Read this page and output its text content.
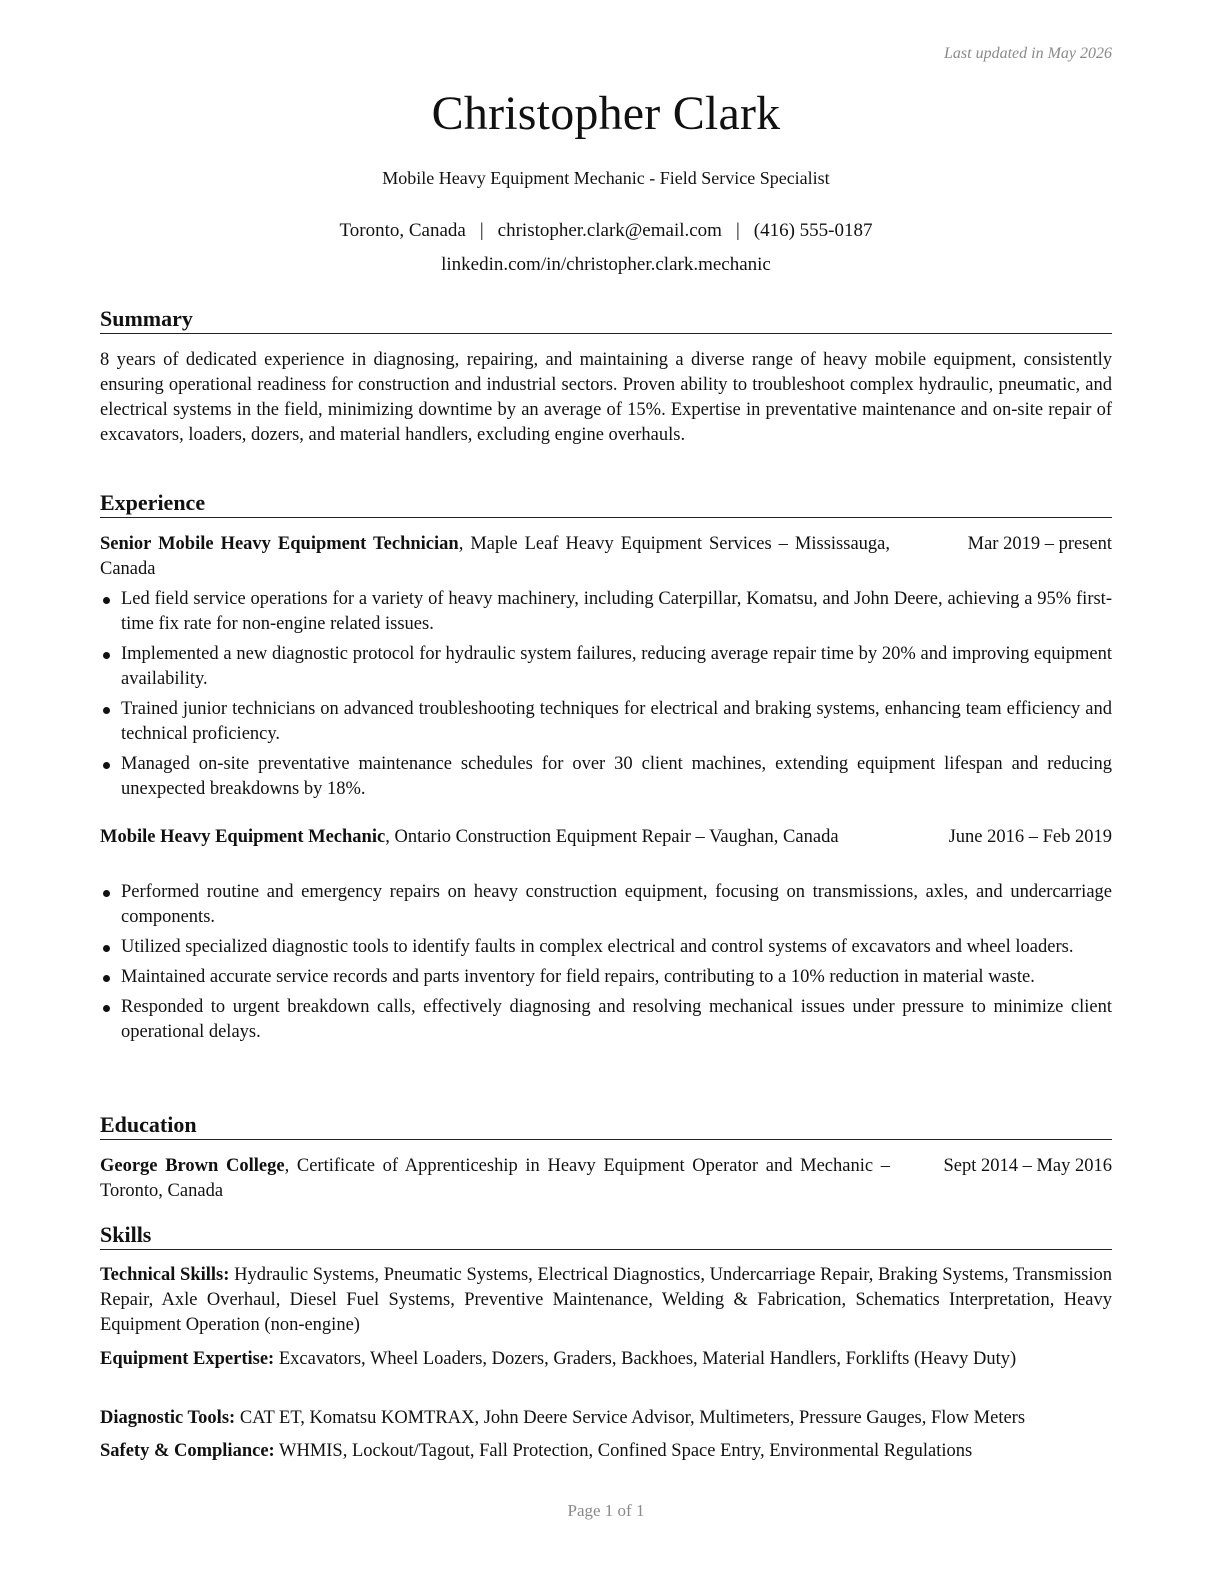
Last updated in May 2026
Christopher Clark
Mobile Heavy Equipment Mechanic - Field Service Specialist
Toronto, Canada | christopher.clark@email.com | (416) 555-0187
linkedin.com/in/christopher.clark.mechanic
Summary

8 years of dedicated experience in diagnosing, repairing, and maintaining a diverse range of heavy mobile equipment, consistently ensuring operational readiness for construction and industrial sectors. Proven ability to troubleshoot complex hydraulic, pneumatic, and electrical systems in the field, minimizing downtime by an average of 15%. Expertise in preventative maintenance and on-site repair of excavators, loaders, dozers, and material handlers, excluding engine overhauls.

Experience
Senior Mobile Heavy Equipment Technician, Maple Leaf Heavy Equipment Services – Mississauga, Canada
Mar 2019 – present
Led field service operations for a variety of heavy machinery, including Caterpillar, Komatsu, and John Deere, achieving a 95% first-time fix rate for non-engine related issues.
Implemented a new diagnostic protocol for hydraulic system failures, reducing average repair time by 20% and improving equipment availability.
Trained junior technicians on advanced troubleshooting techniques for electrical and braking systems, enhancing team efficiency and technical proficiency.
Managed on-site preventative maintenance schedules for over 30 client machines, extending equipment lifespan and reducing unexpected breakdowns by 18%.
Mobile Heavy Equipment Mechanic, Ontario Construction Equipment Repair – Vaughan, Canada	June 2016 – Feb 2019
Performed routine and emergency repairs on heavy construction equipment, focusing on transmissions, axles, and undercarriage components.
Utilized specialized diagnostic tools to identify faults in complex electrical and control systems of excavators and wheel loaders.
Maintained accurate service records and parts inventory for field repairs, contributing to a 10% reduction in material waste.
Responded to urgent breakdown calls, effectively diagnosing and resolving mechanical issues under pressure to minimize client operational delays.
Education
George Brown College, Certificate of Apprenticeship in Heavy Equipment Operator and Mechanic – Toronto, Canada
Sept 2014 – May 2016
Skills

Technical Skills: Hydraulic Systems, Pneumatic Systems, Electrical Diagnostics, Undercarriage Repair, Braking Systems, Transmission Repair, Axle Overhaul, Diesel Fuel Systems, Preventive Maintenance, Welding & Fabrication, Schematics Interpretation, Heavy Equipment Operation (non-engine)

Equipment Expertise: Excavators, Wheel Loaders, Dozers, Graders, Backhoes, Material Handlers, Forklifts (Heavy Duty)

Diagnostic Tools: CAT ET, Komatsu KOMTRAX, John Deere Service Advisor, Multimeters, Pressure Gauges, Flow Meters

Safety & Compliance: WHMIS, Lockout/Tagout, Fall Protection, Confined Space Entry, Environmental Regulations

Page 1 of 1
